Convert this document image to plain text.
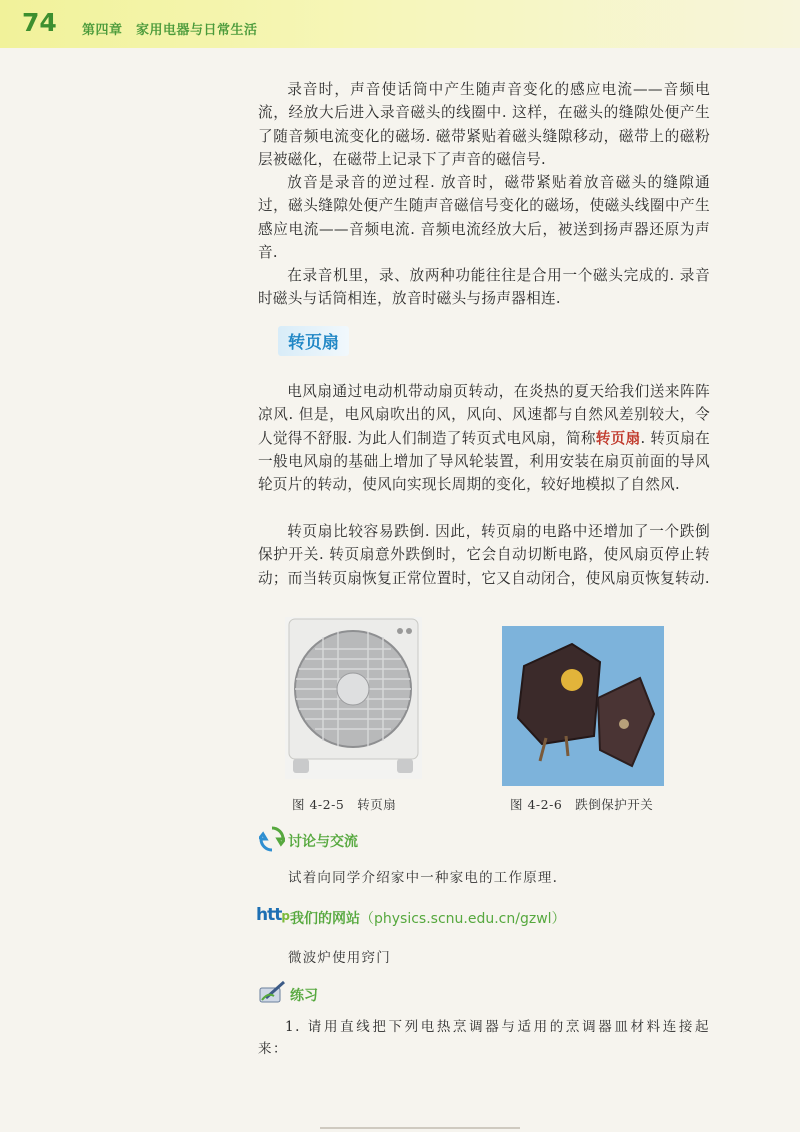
74 第四章　家用电器与日常生活

录音时，声音使话筒中产生随声音变化的感应电流——音频电流，经放大后进入录音磁头的线圈中. 这样，在磁头的缝隙处便产生了随音频电流变化的磁场. 磁带紧贴着磁头缝隙移动，磁带上的磁粉层被磁化，在磁带上记录下了声音的磁信号.

放音是录音的逆过程. 放音时，磁带紧贴着放音磁头的缝隙通过，磁头缝隙处便产生随声音磁信号变化的磁场，使磁头线圈中产生感应电流——音频电流. 音频电流经放大后，被送到扬声器还原为声音.

在录音机里，录、放两种功能往往是合用一个磁头完成的. 录音时磁头与话筒相连，放音时磁头与扬声器相连.

转页扇

电风扇通过电动机带动扇页转动，在炎热的夏天给我们送来阵阵凉风. 但是，电风扇吹出的风，风向、风速都与自然风差别较大，令人觉得不舒服. 为此人们制造了转页式电风扇，简称转页扇. 转页扇在一般电风扇的基础上增加了导风轮装置，利用安装在扇页前面的导风轮页片的转动，使风向实现长周期的变化，较好地模拟了自然风.

转页扇比较容易跌倒. 因此，转页扇的电路中还增加了一个跌倒保护开关. 转页扇意外跌倒时，它会自动切断电路，使风扇页停止转动；而当转页扇恢复正常位置时，它又自动闭合，使风扇页恢复转动.

图 4-2-5　转页扇	图 4-2-6　跌倒保护开关
讨论与交流
试着向同学介绍家中一种家电的工作原理.
http 我们的网站（physics.scnu.edu.cn/gzwl）
微波炉使用窍门
练习

1. 请用直线把下列电热烹调器与适用的烹调器皿材料连接起来：
